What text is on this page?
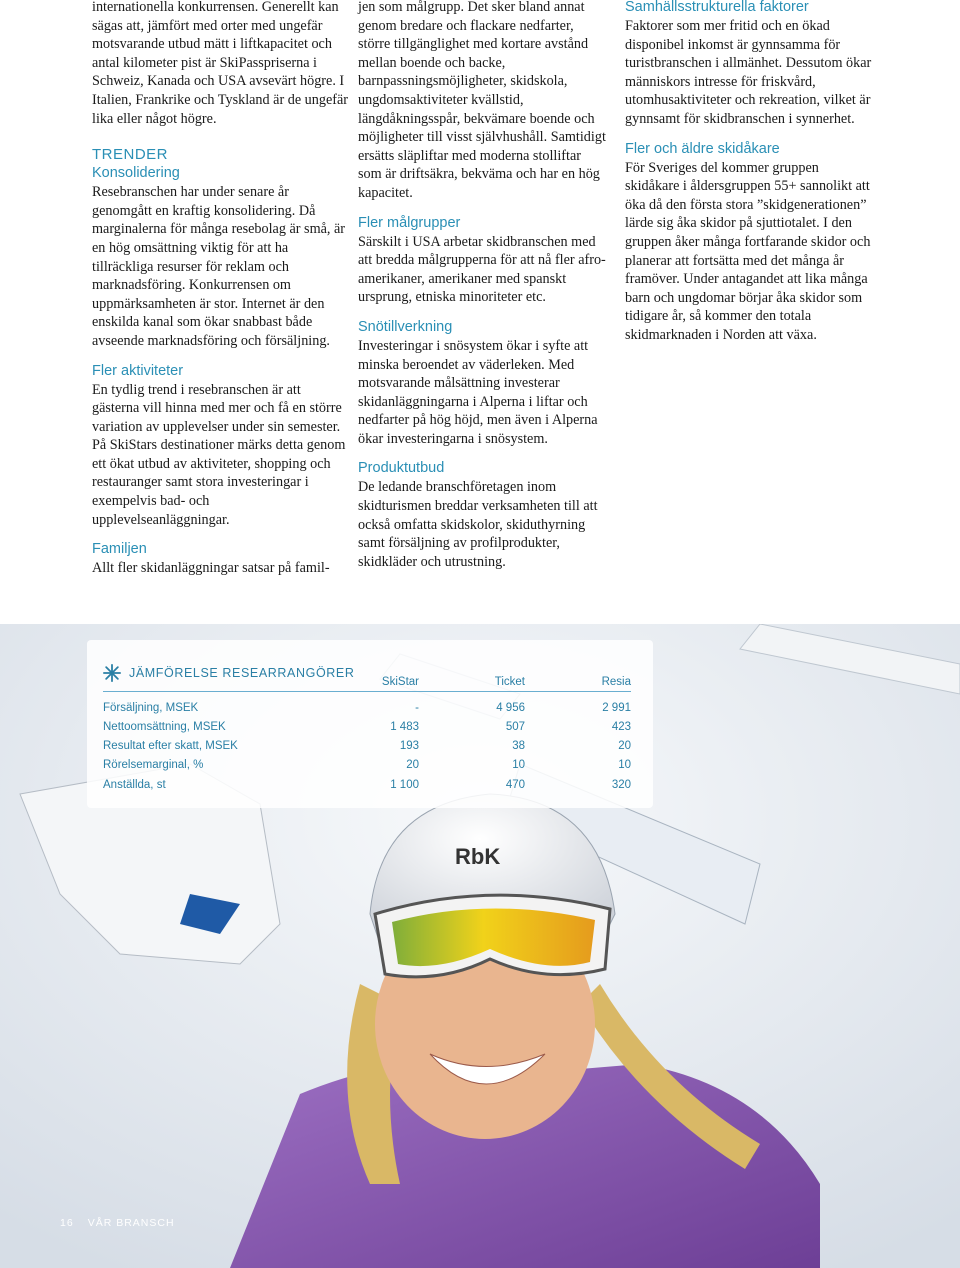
internationella konkurrensen. Generellt kan sägas att, jämfört med orter med ungefär motsvarande utbud mätt i liftkapacitet och antal kilometer pist är SkiPasspriserna i Schweiz, Kanada och USA avsevärt högre. I Italien, Frankrike och Tyskland är de ungefär lika eller något högre.

TRENDER
Konsolidering

Resebranschen har under senare år genomgått en kraftig konsolidering. Då marginalerna för många resebolag är små, är en hög omsättning viktig för att ha tillräckliga resurser för reklam och marknadsföring. Konkurrensen om uppmärksamheten är stor. Internet är den enskilda kanal som ökar snabbast både avseende marknadsföring och försäljning.

Fler aktiviteter

En tydlig trend i resebranschen är att gästerna vill hinna med mer och få en större variation av upplevelser under sin semester. På SkiStars destinationer märks detta genom ett ökat utbud av aktiviteter, shopping och restauranger samt stora investeringar i exempelvis bad- och upplevelseanläggningar.

Familjen

Allt fler skidanläggningar satsar på famil-

jen som målgrupp. Det sker bland annat genom bredare och flackare nedfarter, större tillgänglighet med kortare avstånd mellan boende och backe, barnpassningsmöjligheter, skidskola, ungdomsaktiviteter kvällstid, längdåkningsspår, bekvämare boende och möjligheter till visst självhushåll. Samtidigt ersätts släpliftar med moderna stolliftar som är driftsäkra, bekväma och har en hög kapacitet.

Fler målgrupper

Särskilt i USA arbetar skidbranschen med att bredda målgrupperna för att nå fler afro-amerikaner, amerikaner med spanskt ursprung, etniska minoriteter etc.

Snötillverkning

Investeringar i snösystem ökar i syfte att minska beroendet av väderleken. Med motsvarande målsättning investerar skidanläggningarna i Alperna i liftar och nedfarter på hög höjd, men även i Alperna ökar investeringarna i snösystem.

Produktutbud

De ledande branschföretagen inom skidturismen breddar verksamheten till att också omfatta skidskolor, skiduthyrning samt försäljning av profilprodukter, skidkläder och utrustning.

Samhällsstrukturella faktorer

Faktorer som mer fritid och en ökad disponibel inkomst är gynnsamma för turistbranschen i allmänhet. Dessutom ökar människors intresse för friskvård, utomhusaktiviteter och rekreation, vilket är gynnsamt för skidbranschen i synnerhet.

Fler och äldre skidåkare

För Sveriges del kommer gruppen skidåkare i åldersgruppen 55+ sannolikt att öka då den första stora ”skidgenerationen” lärde sig åka skidor på sjuttiotalet. I den gruppen åker många fortfarande skidor och planerar att fortsätta med det många år framöver. Under antagandet att lika många barn och ungdomar börjar åka skidor som tidigare år, så kommer den totala skidmarknaden i Norden att växa.

RbK
JÄMFÖRELSE RESEARRANGÖRER
	SkiStar	Ticket	Resia
Försäljning, MSEK	-	4 956	2 991
Nettoomsättning, MSEK	1 483	507	423
Resultat efter skatt, MSEK	193	38	20
Rörelsemarginal, %	20	10	10
Anställda, st	1 100	470	320
16 VÅR BRANSCH
